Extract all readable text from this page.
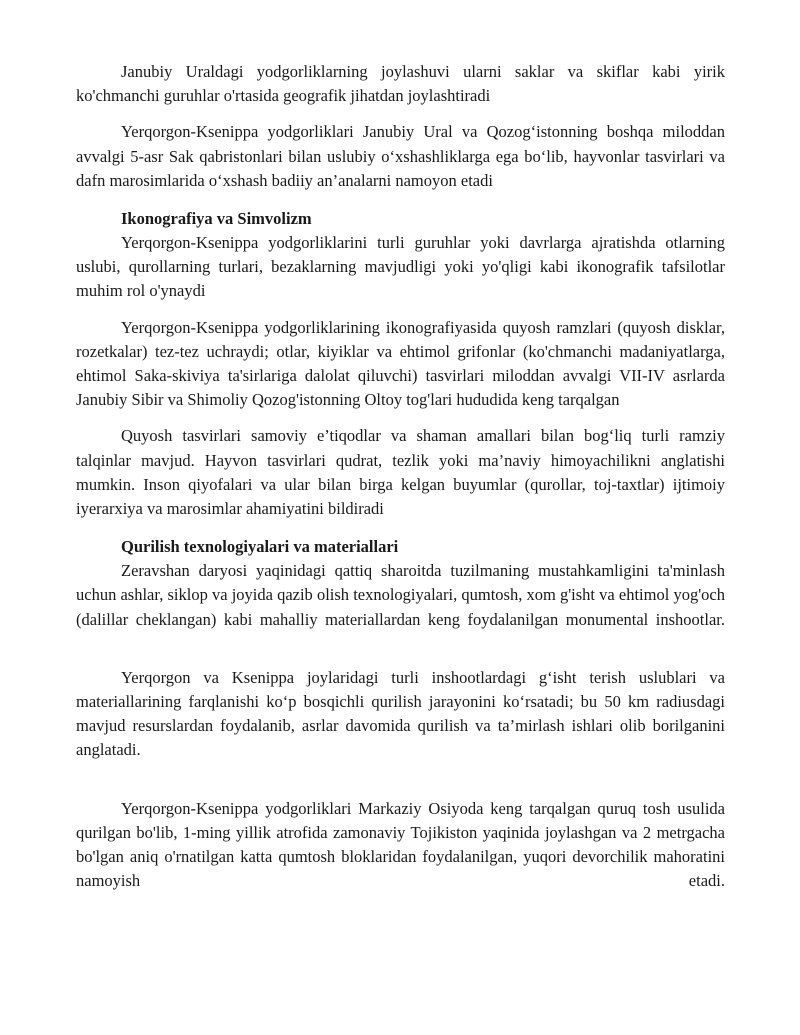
Janubiy Uraldagi yodgorliklarning joylashuvi ularni saklar va skiflar kabi yirik ko'chmanchi guruhlar o'rtasida geografik jihatdan joylashtiradi

Yerqorgon-Ksenippa yodgorliklari Janubiy Ural va Qozog‘istonning boshqa miloddan avvalgi 5-asr Sak qabristonlari bilan uslubiy o‘xshashliklarga ega bo‘lib, hayvonlar tasvirlari va dafn marosimlarida o‘xshash badiiy an’analarni namoyon etadi

Ikonografiya va Simvolizm

Yerqorgon-Ksenippa yodgorliklarini turli guruhlar yoki davrlarga ajratishda otlarning uslubi, qurollarning turlari, bezaklarning mavjudligi yoki yo'qligi kabi ikonografik tafsilotlar muhim rol o'ynaydi

Yerqorgon-Ksenippa yodgorliklarining ikonografiyasida quyosh ramzlari (quyosh disklar, rozetkalar) tez-tez uchraydi; otlar, kiyiklar va ehtimol grifonlar (ko'chmanchi madaniyatlarga, ehtimol Saka-skiviya ta'sirlariga dalolat qiluvchi) tasvirlari miloddan avvalgi VII-IV asrlarda Janubiy Sibir va Shimoliy Qozog'istonning Oltoy tog'lari hududida keng tarqalgan

Quyosh tasvirlari samoviy e’tiqodlar va shaman amallari bilan bog‘liq turli ramziy talqinlar mavjud. Hayvon tasvirlari qudrat, tezlik yoki ma’naviy himoyachilikni anglatishi mumkin. Inson qiyofalari va ular bilan birga kelgan buyumlar (qurollar, toj-taxtlar) ijtimoiy iyerarxiya va marosimlar ahamiyatini bildiradi

Qurilish texnologiyalari va materiallari

Zeravshan daryosi yaqinidagi qattiq sharoitda tuzilmaning mustahkamligini ta'minlash uchun ashlar, siklop va joyida qazib olish texnologiyalari, qumtosh, xom g'isht va ehtimol yog'och (dalillar cheklangan) kabi mahalliy materiallardan keng foydalanilgan monumental inshootlar.

Yerqorgon va Ksenippa joylaridagi turli inshootlardagi g‘isht terish uslublari va materiallarining farqlanishi ko‘p bosqichli qurilish jarayonini ko‘rsatadi; bu 50 km radiusdagi mavjud resurslardan foydalanib, asrlar davomida qurilish va ta’mirlash ishlari olib borilganini anglatadi.

Yerqorgon-Ksenippa yodgorliklari Markaziy Osiyoda keng tarqalgan quruq tosh usulida qurilgan bo'lib, 1-ming yillik atrofida zamonaviy Tojikiston yaqinida joylashgan va 2 metrgacha bo'lgan aniq o'rnatilgan katta qumtosh bloklaridan foydalanilgan, yuqori devorchilik mahoratini namoyish etadi.
